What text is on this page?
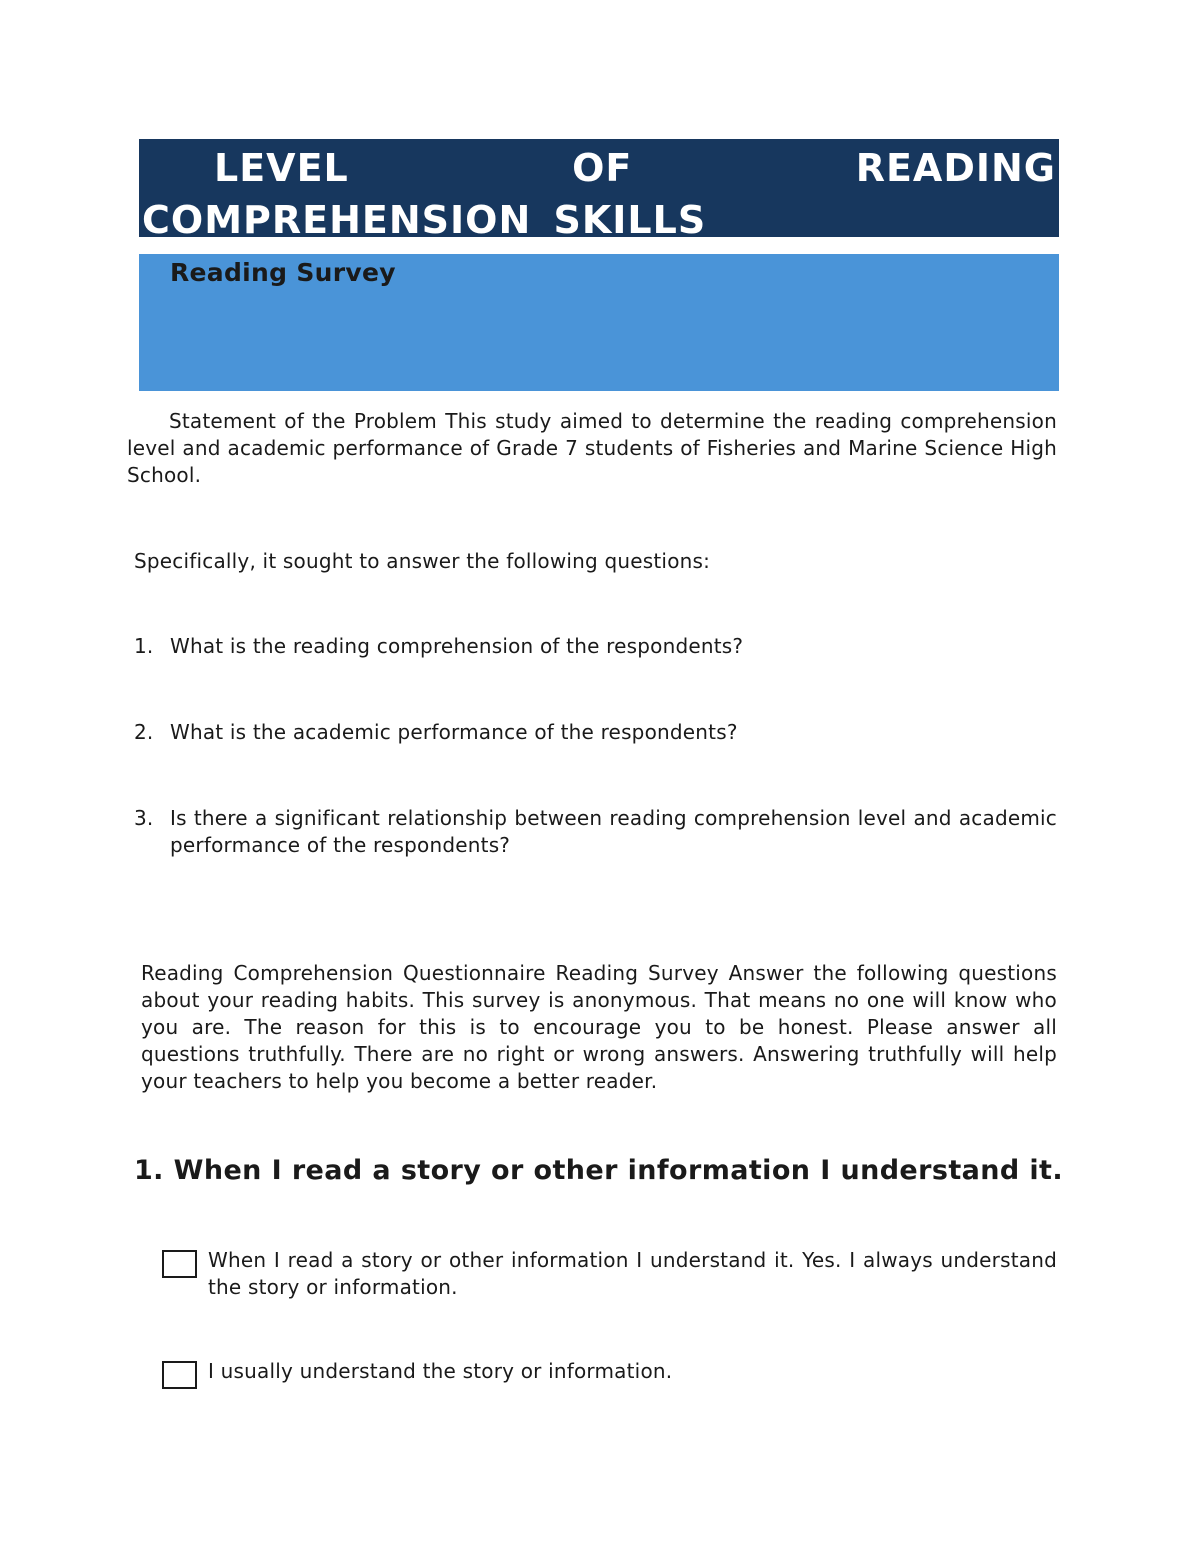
LEVEL OF READING COMPREHENSION SKILLS
Reading Survey

Statement of the Problem This study aimed to determine the reading comprehension level and academic performance of Grade 7 students of Fisheries and Marine Science High School.

Specifically, it sought to answer the following questions:

1. What is the reading comprehension of the respondents?

2. What is the academic performance of the respondents?

3. Is there a significant relationship between reading comprehension level and academic performance of the respondents?

Reading Comprehension Questionnaire Reading Survey Answer the following questions about your reading habits. This survey is anonymous. That means no one will know who you are. The reason for this is to encourage you to be honest. Please answer all questions truthfully. There are no right or wrong answers. Answering truthfully will help your teachers to help you become a better reader.

1. When I read a story or other information I understand it.

When I read a story or other information I understand it. Yes. I always understand the story or information.

I usually understand the story or information.
